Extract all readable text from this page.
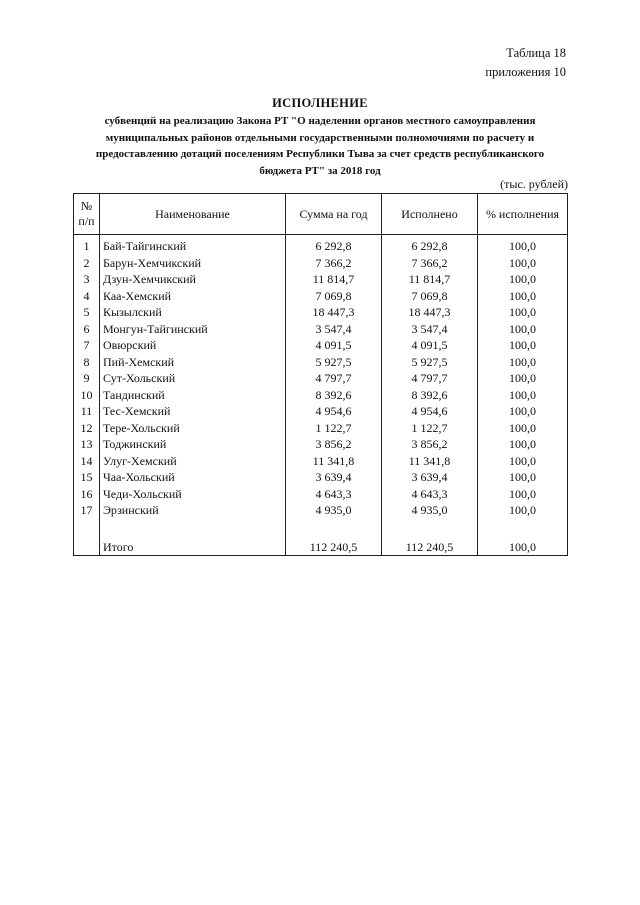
Таблица 18
приложения 10
ИСПОЛНЕНИЕ
субвенций на реализацию Закона РТ "О наделении органов местного самоуправления
муниципальных районов отдельными государственными полномочиями по расчету и
предоставлению дотаций поселениям Республики Тыва за счет средств республиканского
бюджета РТ" за 2018 год
(тыс. рублей)
№
п/п	Наименование	Сумма на год	Исполнено	% исполнения
1	Бай-Тайгинский	6 292,8	6 292,8	100,0
2	Барун-Хемчикский	7 366,2	7 366,2	100,0
3	Дзун-Хемчикский	11 814,7	11 814,7	100,0
4	Каа-Хемский	7 069,8	7 069,8	100,0
5	Кызылский	18 447,3	18 447,3	100,0
6	Монгун-Тайгинский	3 547,4	3 547,4	100,0
7	Овюрский	4 091,5	4 091,5	100,0
8	Пий-Хемский	5 927,5	5 927,5	100,0
9	Сут-Хольский	4 797,7	4 797,7	100,0
10	Тандинский	8 392,6	8 392,6	100,0
11	Тес-Хемский	4 954,6	4 954,6	100,0
12	Тере-Хольский	1 122,7	1 122,7	100,0
13	Тоджинский	3 856,2	3 856,2	100,0
14	Улуг-Хемский	11 341,8	11 341,8	100,0
15	Чаа-Хольский	3 639,4	3 639,4	100,0
16	Чеди-Хольский	4 643,3	4 643,3	100,0
17	Эрзинский	4 935,0	4 935,0	100,0

	Итого	112 240,5	112 240,5	100,0
